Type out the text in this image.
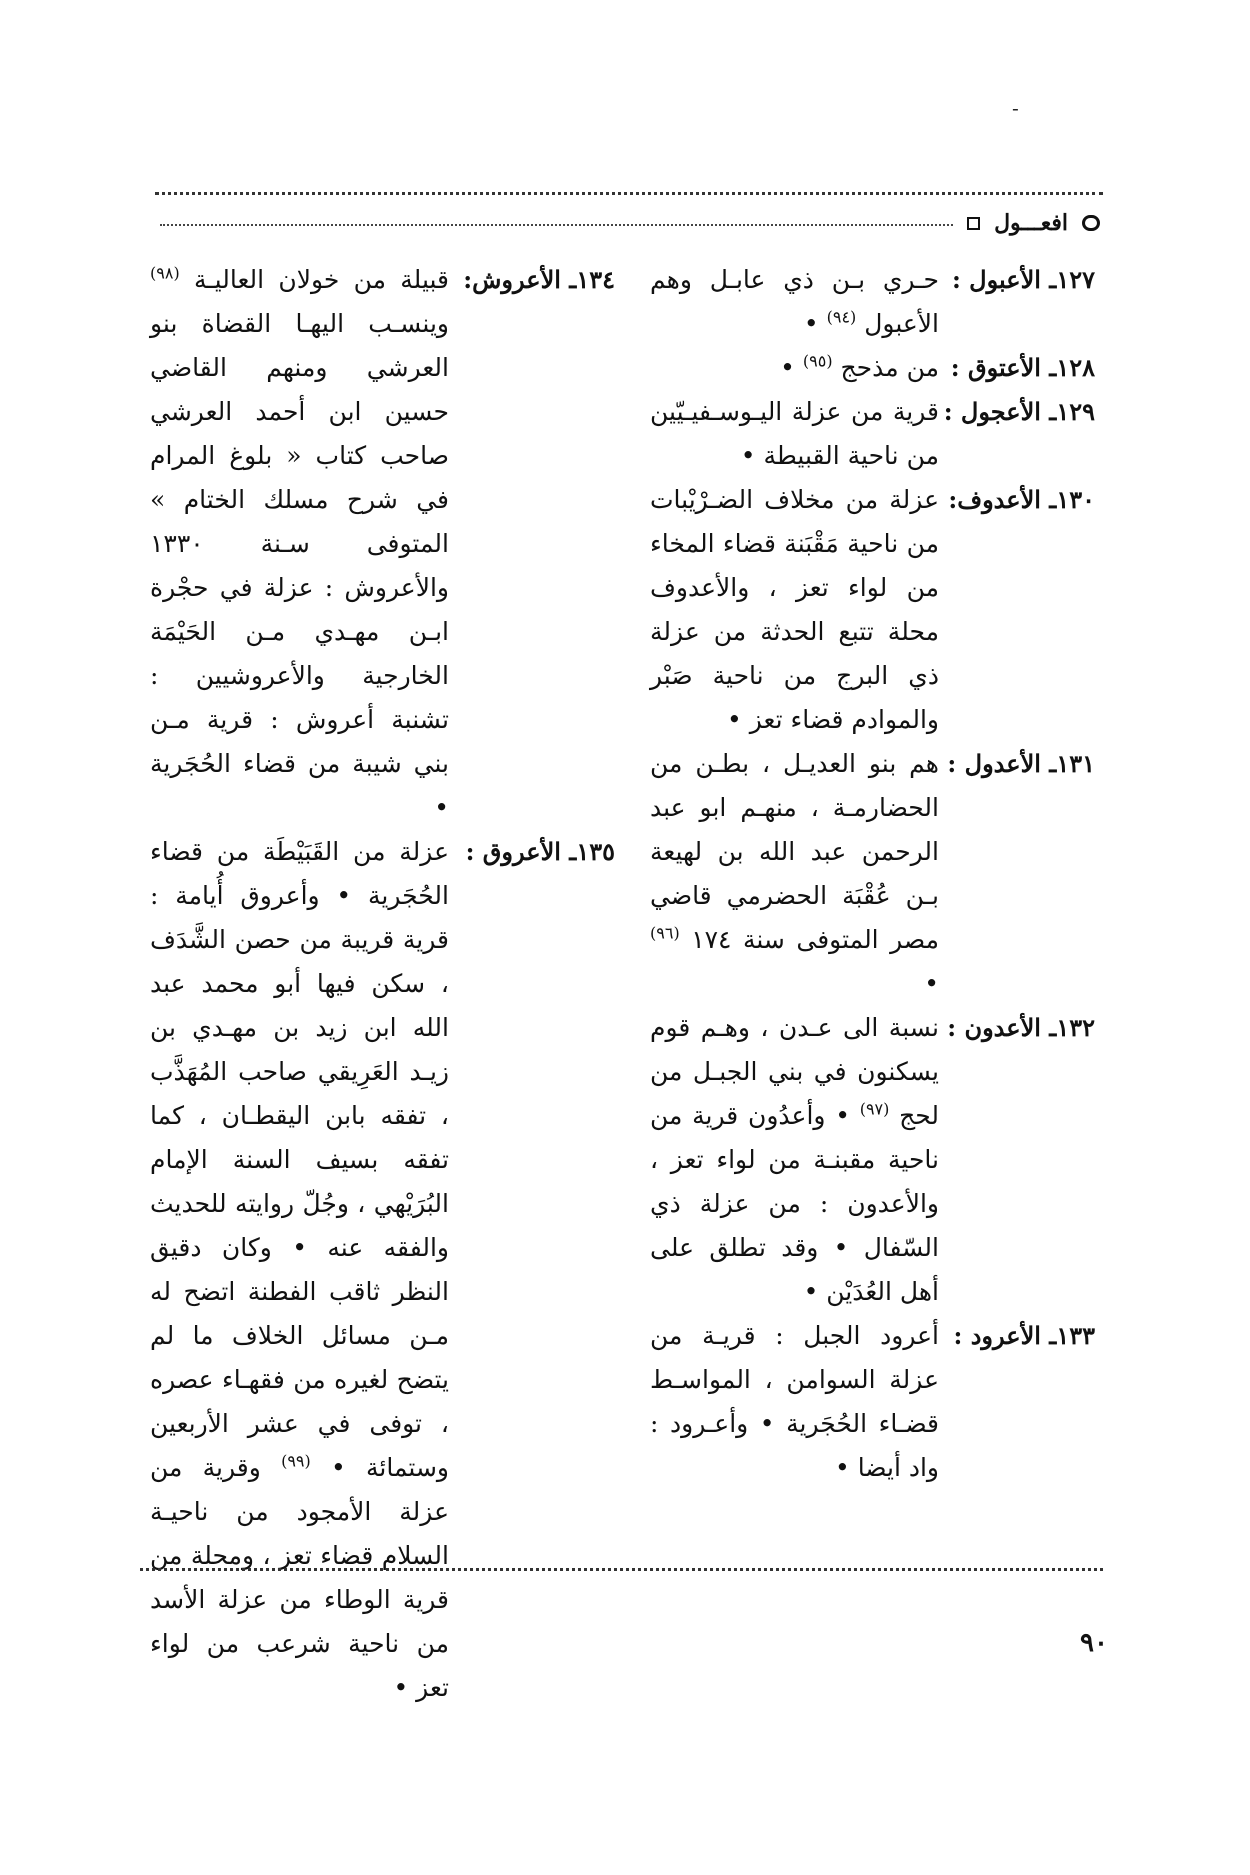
-
افعـــول
١٢٧ـ الأعبول :
حـري بـن ذي عابـل وهم الأعبول $^{(٩٤)}$ •
١٢٨ـ الأعتوق :
من مذحج $^{(٩٥)}$ •
١٢٩ـ الأعجول :
قرية من عزلة اليـوسـفيـيّين من ناحية القبيطة •
١٣٠ـ الأعدوف:
عزلة من مخلاف الضـرْيْبات من ناحية مَقْبَنة قضاء المخاء من لواء تعز ، والأعدوف محلة تتبع الحدثة من عزلة ذي البرج من ناحية صَبْر والموادم قضاء تعز •
١٣١ـ الأعدول :
هم بنو العديـل ، بطـن من الحضارمـة ، منهـم ابو عبد الرحمن عبد الله بن لهيعة بـن عُقْبَة الحضرمي قاضي مصر المتوفى سنة ١٧٤ $^{(٩٦)}$ •
١٣٢ـ الأعدون :
نسبة الى عـدن ، وهـم قوم يسكنون في بني الجبـل من لحج $^{(٩٧)}$ • وأعدُون قرية من ناحية مقبنـة من لواء تعز ، والأعدون : من عزلة ذي السّفال • وقد تطلق على أهل العُدَيْن •
١٣٣ـ الأعرود :
أعرود الجبل : قريـة من عزلة السوامن ، المواسـط قضـاء الحُجَرية • وأعـرود : واد أيضا •
١٣٤ـ الأعروش:
قبيلة من خولان العاليـة $^{(٩٨)}$ وينسـب اليهـا القضاة بنو العرشي ومنهم القاضي حسين ابن أحمد العرشي صاحب كتاب « بلوغ المرام في شرح مسلك الختام » المتوفى سـنة ١٣٣٠ والأعروش : عزلة في حجْرة ابـن مهـدي مـن الحَيْمَة الخارجية والأعروشيين : تشنبة أعروش : قرية مـن بني شيبة من قضاء الحُجَرية •
١٣٥ـ الأعروق :
عزلة من القَبَيْطَة من قضاء الحُجَرية • وأعروق أُيامة : قرية قريبة من حصن الشَّدَف ، سكن فيها أبو محمد عبد الله ابن زيد بن مهـدي بن زيـد العَرِيقي صاحب المُهَذَّب ، تفقه بابن اليقطـان ، كما تفقه بسيف السنة الإمام البُرَيْهي ، وجُلّ روايته للحديث والفقه عنه • وكان دقيق النظر ثاقب الفطنة اتضح له مـن مسائل الخلاف ما لم يتضح لغيره من فقهـاء عصره ، توفى في عشر الأربعين وستمائة • $^{(٩٩)}$ وقرية من عزلة الأمجود من ناحيـة السلام قضاء تعز ، ومحلة من قرية الوطاء من عزلة الأسد من ناحية شرعب من لواء تعز •
٩٠
